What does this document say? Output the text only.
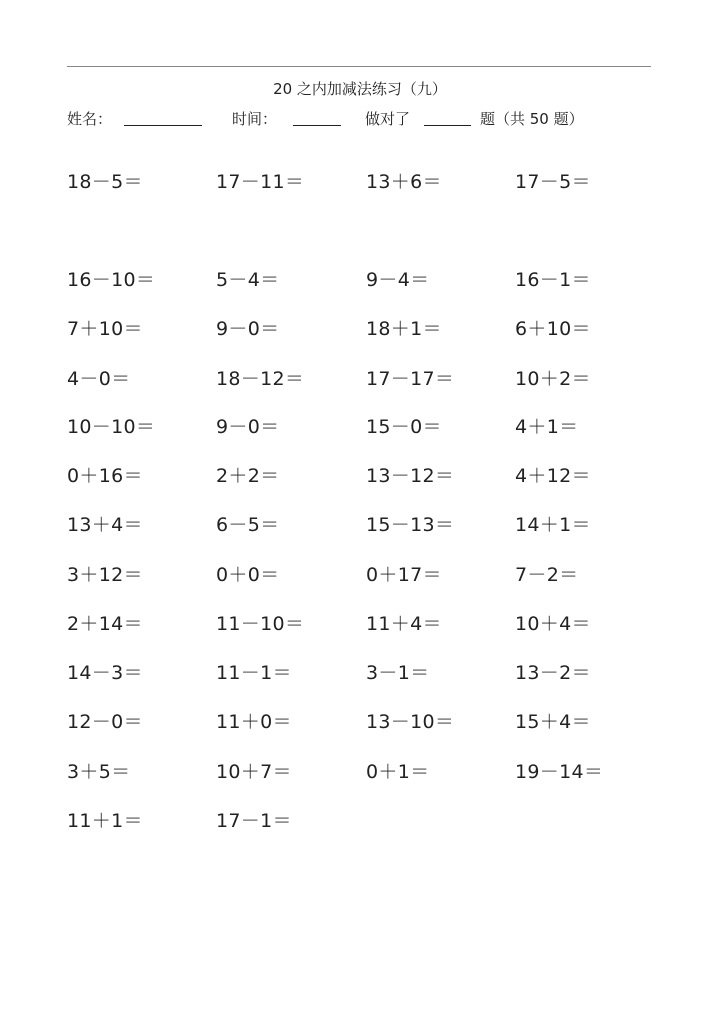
20 之内加减法练习（九）
姓名：	时间：	做对了	题（共 50 题）
18－5＝	17－11＝	13＋6＝	17－5＝
16－10＝	5－4＝	9－4＝	16－1＝
7＋10＝	9－0＝	18＋1＝	6＋10＝
4－0＝	18－12＝	17－17＝	10＋2＝
10－10＝	9－0＝	15－0＝	4＋1＝
0＋16＝	2＋2＝	13－12＝	4＋12＝
13＋4＝	6－5＝	15－13＝	14＋1＝
3＋12＝	0＋0＝	0＋17＝	7－2＝
2＋14＝	11－10＝	11＋4＝	10＋4＝
14－3＝	11－1＝	3－1＝	13－2＝
12－0＝	11＋0＝	13－10＝	15＋4＝
3＋5＝	10＋7＝	0＋1＝	19－14＝
11＋1＝	17－1＝
